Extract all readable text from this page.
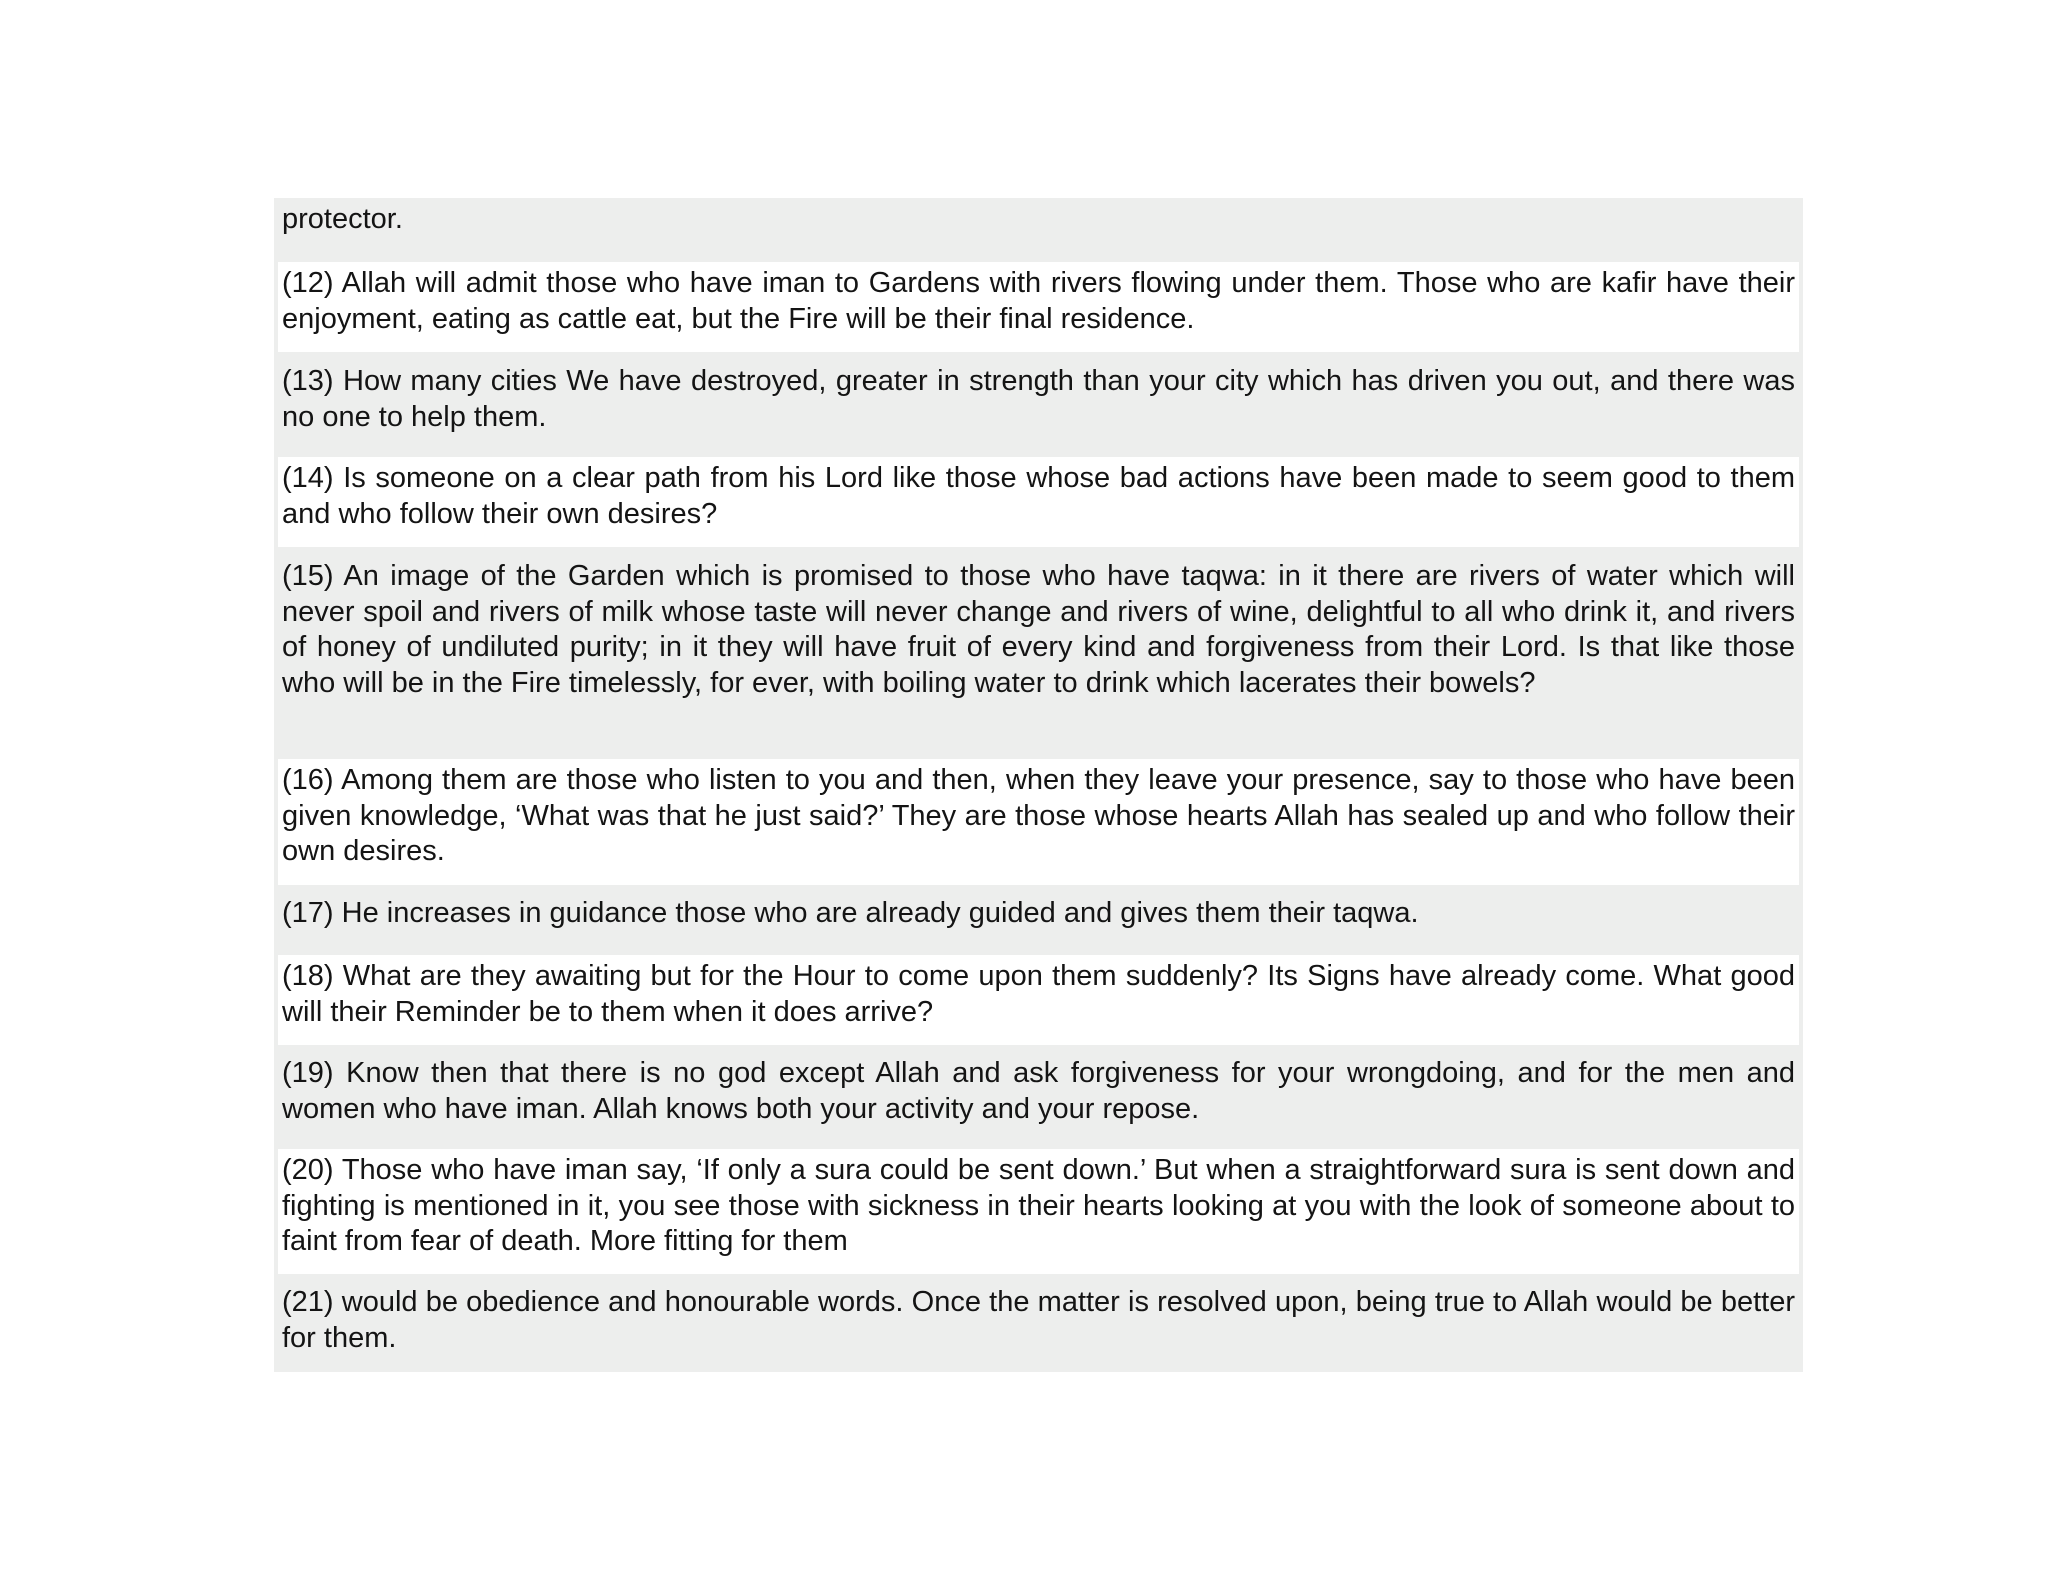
protector.

(12) Allah will admit those who have iman to Gardens with rivers flowing under them. Those who are kafir have their enjoyment, eating as cattle eat, but the Fire will be their final residence.

(13) How many cities We have destroyed, greater in strength than your city which has driven you out, and there was no one to help them.

(14) Is someone on a clear path from his Lord like those whose bad actions have been made to seem good to them and who follow their own desires?

(15) An image of the Garden which is promised to those who have taqwa: in it there are rivers of water which will never spoil and rivers of milk whose taste will never change and rivers of wine, delightful to all who drink it, and rivers of honey of undiluted purity; in it they will have fruit of every kind and forgiveness from their Lord. Is that like those who will be in the Fire timelessly, for ever, with boiling water to drink which lacerates their bowels?

(16) Among them are those who listen to you and then, when they leave your presence, say to those who have been given knowledge, ‘What was that he just said?’ They are those whose hearts Allah has sealed up and who follow their own desires.

(17) He increases in guidance those who are already guided and gives them their taqwa.

(18) What are they awaiting but for the Hour to come upon them suddenly? Its Signs have already come. What good will their Reminder be to them when it does arrive?

(19) Know then that there is no god except Allah and ask forgiveness for your wrongdoing, and for the men and women who have iman. Allah knows both your activity and your repose.

(20) Those who have iman say, ‘If only a sura could be sent down.’ But when a straightforward sura is sent down and fighting is mentioned in it, you see those with sickness in their hearts looking at you with the look of someone about to faint from fear of death. More fitting for them

(21) would be obedience and honourable words. Once the matter is resolved upon, being true to Allah would be better for them.
